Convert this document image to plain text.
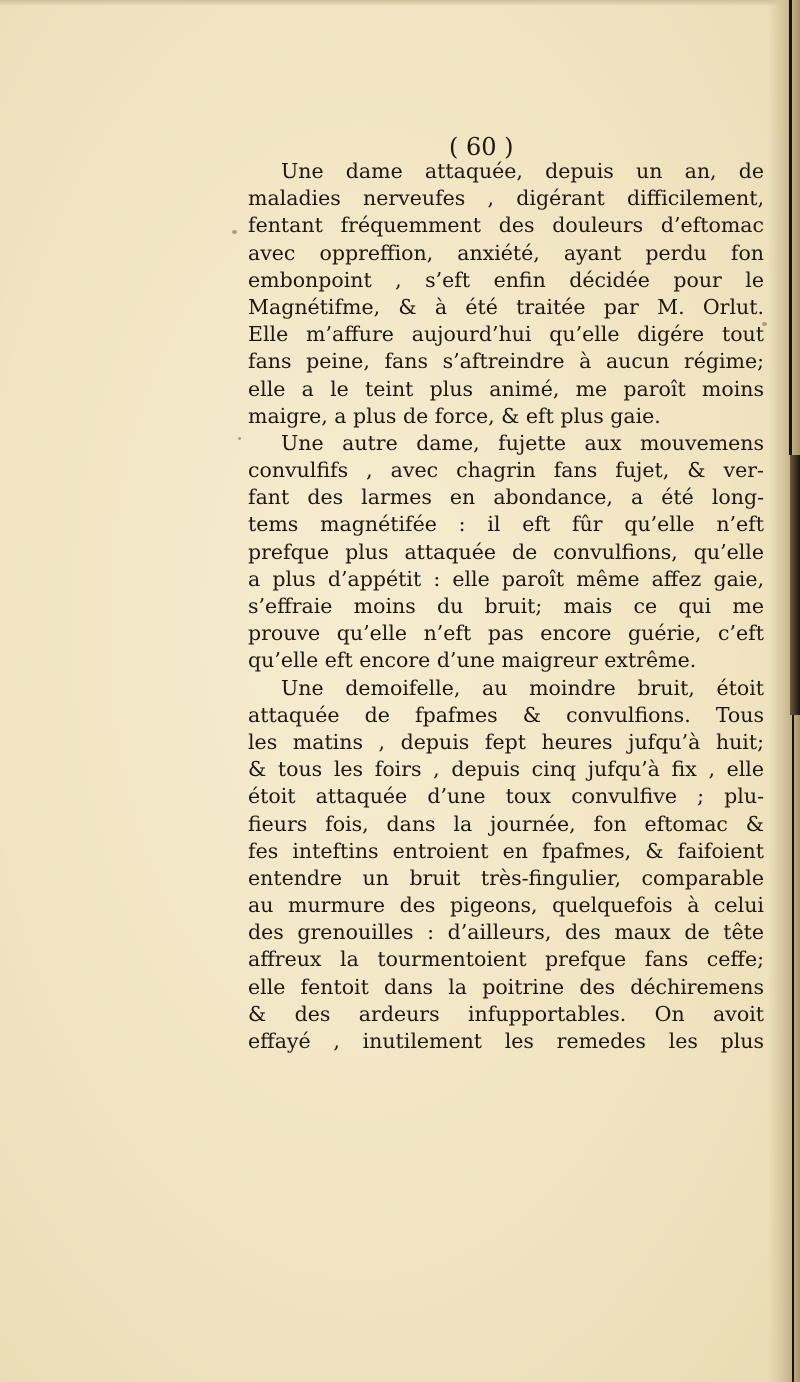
( 60 )
Une dame attaquée, depuis un an, de
maladies nerveufes , digérant difficilement,
fentant fréquemment des douleurs d’eftomac
avec oppreffion, anxiété, ayant perdu fon
embonpoint , s’eft enfin décidée pour le
Magnétifme, & à été traitée par M. Orlut.
Elle m’affure aujourd’hui qu’elle digére tout
fans peine, fans s’aftreindre à aucun régime;
elle a le teint plus animé, me paroît moins
maigre, a plus de force, & eft plus gaie.
Une autre dame, fujette aux mouvemens
convulfifs , avec chagrin fans fujet, & ver-
fant des larmes en abondance, a été long-
tems magnétifée : il eft fûr qu’elle n’eft
prefque plus attaquée de convulfions, qu’elle
a plus d’appétit : elle paroît même affez gaie,
s’effraie moins du bruit; mais ce qui me
prouve qu’elle n’eft pas encore guérie, c’eft
qu’elle eft encore d’une maigreur extrême.
Une demoifelle, au moindre bruit, étoit
attaquée de fpafmes & convulfions. Tous
les matins , depuis fept heures jufqu’à huit;
& tous les foirs , depuis cinq jufqu’à fix , elle
étoit attaquée d’une toux convulfive ; plu-
fieurs fois, dans la journée, fon eftomac &
fes inteftins entroient en fpafmes, & faifoient
entendre un bruit très-fingulier, comparable
au murmure des pigeons, quelquefois à celui
des grenouilles : d’ailleurs, des maux de tête
affreux la tourmentoient prefque fans ceffe;
elle fentoit dans la poitrine des déchiremens
& des ardeurs infupportables. On avoit
effayé , inutilement les remedes les plus
